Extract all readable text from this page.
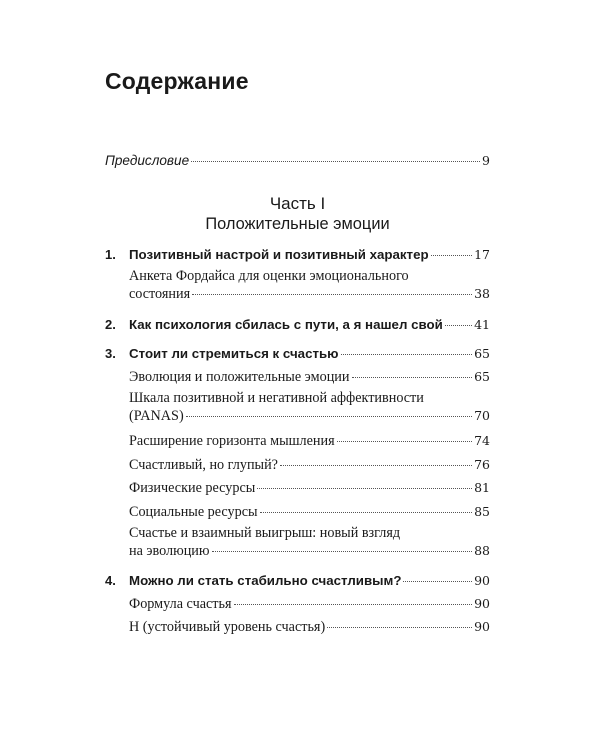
Содержание
Предисловие	9
Часть I
Положительные эмоции
1. Позитивный настрой и позитивный характер	17
Анкета Фордайса для оценки эмоционального
состояния	38
2. Как психология сбилась с пути, а я нашел свой	41
3. Стоит ли стремиться к счастью	65
Эволюция и положительные эмоции	65
Шкала позитивной и негативной аффективности
(PANAS)	70
Расширение горизонта мышления	74
Счастливый, но глупый?	76
Физические ресурсы	81
Социальные ресурсы	85
Счастье и взаимный выигрыш: новый взгляд
на эволюцию	88
4. Можно ли стать стабильно счастливым?	90
Формула счастья	90
H (устойчивый уровень счастья)	90
